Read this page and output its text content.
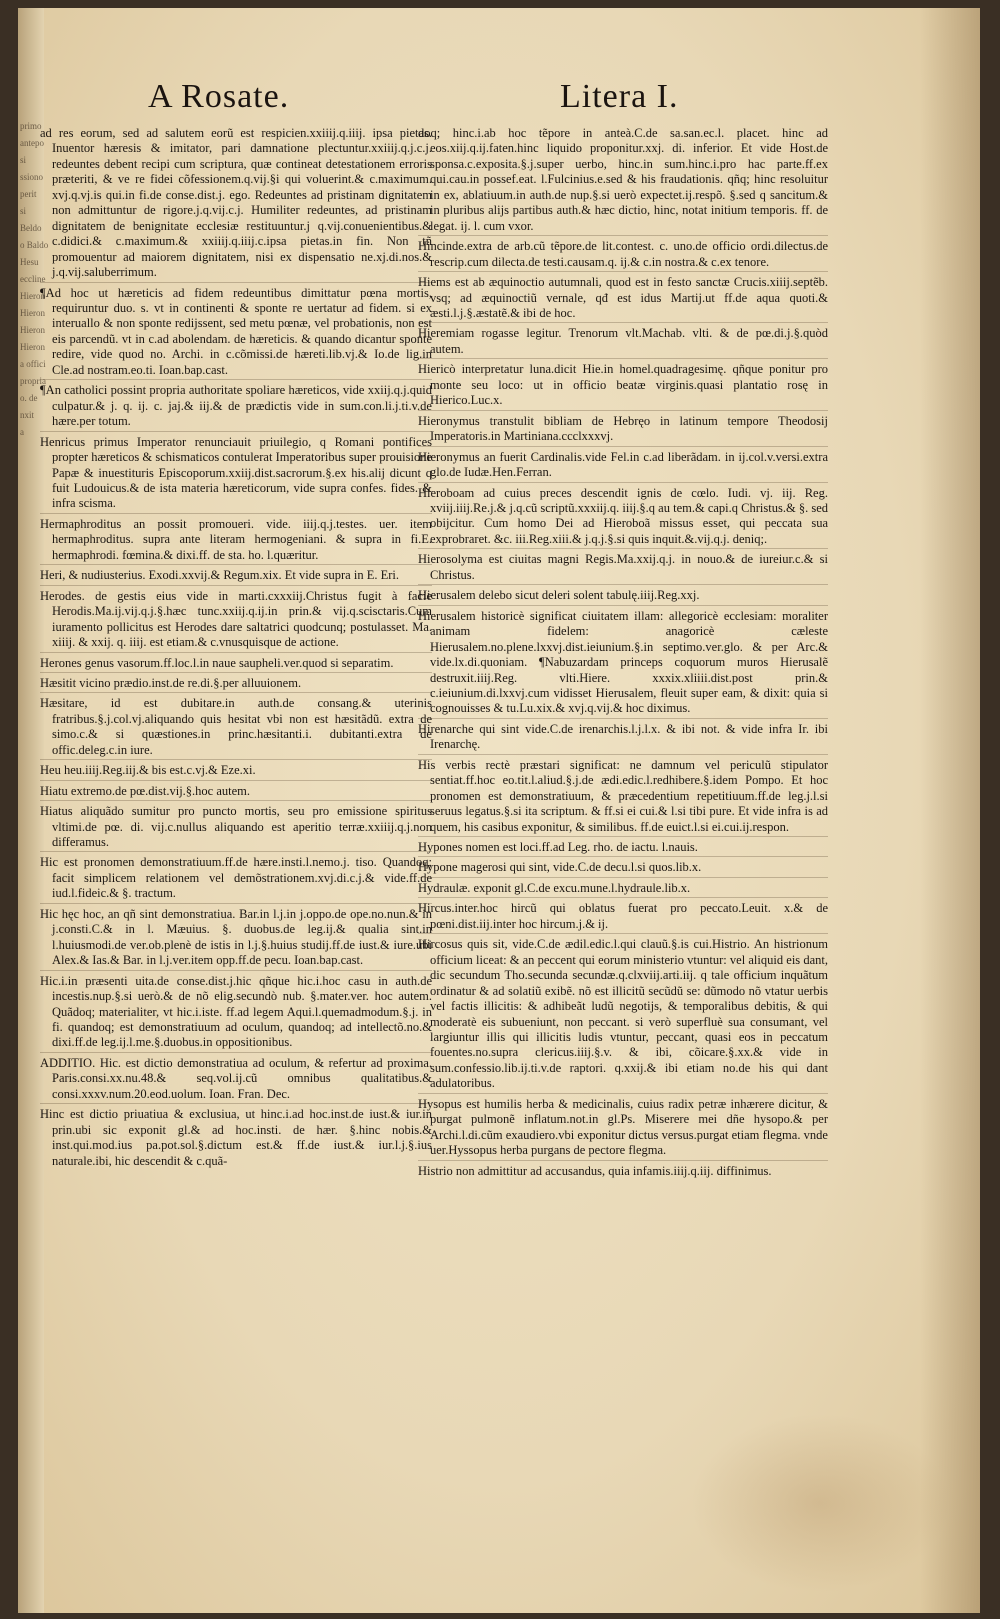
primo
antepo
si
ssiono
perit
si
Beldo
o Baldo
Hesu
eccline
Hieron
Hieron
Hieron
Hieron
a offici
propria
o. de
nxit
a
A Rosate.	Litera I.
ad res eorum, sed ad salutem eorũ est respicien.xxiiij.q.iiij. ipsa pietas. Inuentor hæresis & imitator, pari damnatione plectuntur.xxiiij.q.j.c.j. redeuntes debent recipi cum scriptura, quæ contineat detestationem erroris præteriti, & ve re fidei cõfessionem.q.vij.§i qui voluerint.& c.maximum. xvj.q.vj.is qui.in fi.de conse.dist.j. ego. Redeuntes ad pristinam dignitatem non admittuntur de rigore.j.q.vij.c.j. Humiliter redeuntes, ad pristinam dignitatem de benignitate ecclesiæ restituuntur.j q.vij.conuenientibus.& c.didici.& c.maximum.& xxiiij.q.iiij.c.ipsa pietas.in fin. Non tñ promouentur ad maiorem dignitatem, nisi ex dispensatio ne.xj.di.nos.& j.q.vij.saluberrimum.
¶Ad hoc ut hæreticis ad fidem redeuntibus dimittatur pœna mortis, requiruntur duo. s. vt in continenti & sponte re uertatur ad fidem. si ex interuallo & non sponte redijssent, sed metu pœnæ, vel probationis, non est eis parcendũ. vt in c.ad abolendam. de hæreticis. & quando dicantur sponte redire, vide quod no. Archi. in c.cõmissi.de hæreti.lib.vj.& Io.de lig.in Cle.ad nostram.eo.ti. Ioan.bap.cast.
¶An catholici possint propria authoritate spoliare hæreticos, vide xxiij.q.j.quid culpatur.& j. q. ij. c. jaj.& iij.& de prædictis vide in sum.con.li.j.ti.v.de hære.per totum.
Henricus primus Imperator renunciauit priuilegio, q Romani pontifices propter hæreticos & schismaticos contulerat Imperatoribus super prouisione Papæ & inuestituris Episcoporum.xxiij.dist.sacrorum.§.ex his.alij dicunt q fuit Ludouicus.& de ista materia hæreticorum, vide supra confes. fides. & infra scisma.
Hermaphroditus an possit promoueri. vide. iiij.q.j.testes. uer. item hermaphroditus. supra ante literam hermogeniani. & supra in fi.E. hermaphrodi. fœmina.& dixi.ff. de sta. ho. l.quæritur.
Heri, & nudiusterius. Exodi.xxvij.& Regum.xix. Et vide supra in E. Eri.
Herodes. de gestis eius vide in marti.cxxxiij.Christus fugit à facie Herodis.Ma.ij.vij.q.j.§.hæc tunc.xxiij.q.ij.in prin.& vij.q.scisctaris.Cum iuramento pollicitus est Herodes dare saltatrici quodcunq; postulasset. Ma. xiiij. & xxij. q. iiij. est etiam.& c.vnusquisque de actione.
Herones genus vasorum.ff.loc.l.in naue saupheli.ver.quod si separatim.
Hæsitit vicino prædio.inst.de re.di.§.per alluuionem.
Hæsitare, id est dubitare.in auth.de consang.& uterinis fratribus.§.j.col.vj.aliquando quis hesitat vbi non est hæsitãdũ. extra de simo.c.& si quæstiones.in princ.hæsitanti.i. dubitanti.extra de offic.deleg.c.in iure.
Heu heu.iiij.Reg.iij.& bis est.c.vj.& Eze.xi.
Hiatu extremo.de pœ.dist.vij.§.hoc autem.
Hiatus aliquãdo sumitur pro puncto mortis, seu pro emissione spiritus vltimi.de pœ. di. vij.c.nullus aliquando est aperitio terræ.xxiiij.q.j.non differamus.
Hic est pronomen demonstratiuum.ff.de hære.insti.l.nemo.j. tiso. Quandoq; facit simplicem relationem vel demõstrationem.xvj.di.c.j.& vide.ff.de iud.l.fideic.& §. tractum.
Hic hęc hoc, an qñ sint demonstratiua. Bar.in l.j.in j.oppo.de ope.no.nun.& in j.consti.C.& in l. Mæuius. §. duobus.de leg.ij.& qualia sint.in l.huiusmodi.de ver.ob.plenè de istis in l.j.§.huius studij.ff.de iust.& iure.ubi Alex.& Ias.& Bar. in l.j.ver.item opp.ff.de pecu. Ioan.bap.cast.
Hic.i.in præsenti uita.de conse.dist.j.hic qñque hic.i.hoc casu in auth.de incestis.nup.§.si uerò.& de nõ elig.secundò nub. §.mater.ver. hoc autem. Quãdoq; materialiter, vt hic.i.iste. ff.ad legem Aqui.l.quemadmodum.§.j. in fi. quandoq; est demonstratiuum ad oculum, quandoq; ad intellectõ.no.& dixi.ff.de leg.ij.l.me.§.duobus.in oppositionibus.
ADDITIO. Hic. est dictio demonstratiua ad oculum, & refertur ad proxima. Paris.consi.xx.nu.48.& seq.vol.ij.cũ omnibus qualitatibus.& consi.xxxv.num.20.eod.uolum. Ioan. Fran. Dec.
Hinc est dictio priuatiua & exclusiua, ut hinc.i.ad hoc.inst.de iust.& iur.in prin.ubi sic exponit gl.& ad hoc.insti. de hær. §.hinc nobis.& inst.qui.mod.ius pa.pot.sol.§.dictum est.& ff.de iust.& iur.l.j.§.ius naturale.ibi, hic descendit & c.quã-
doq; hinc.i.ab hoc tẽpore in anteà.C.de sa.san.ec.l. placet. hinc ad eos.xiij.q.ij.faten.hinc liquido proponitur.xxj. di. inferior. Et vide Host.de sponsa.c.exposita.§.j.super uerbo, hinc.in sum.hinc.i.pro hac parte.ff.ex qui.cau.in possef.eat. l.Fulcinius.e.sed & his fraudationis. qñq; hinc resoluitur in ex, ablatiuum.in auth.de nup.§.si uerò expectet.ij.respõ. §.sed q sancitum.& in pluribus alijs partibus auth.& hæc dictio, hinc, notat initium temporis. ff. de legat. ij. l. cum vxor.
Hincinde.extra de arb.cũ tẽpore.de lit.contest. c. uno.de officio ordi.dilectus.de rescrip.cum dilecta.de testi.causam.q. ij.& c.in nostra.& c.ex tenore.
Hiems est ab æquinoctio autumnali, quod est in festo sanctæ Crucis.xiiij.septẽb. vsq; ad æquinoctiũ vernale, qđ est idus Martij.ut ff.de aqua quoti.& æsti.l.j.§.æstatẽ.& ibi de hoc.
Hieremiam rogasse legitur. Trenorum vlt.Machab. vlti. & de pœ.di.j.§.quòd autem.
Hiericò interpretatur luna.dicit Hie.in homel.quadragesimę. qñque ponitur pro monte seu loco: ut in officio beatæ virginis.quasi plantatio rosę in Hierico.Luc.x.
Hieronymus transtulit bibliam de Hebręo in latinum tempore Theodosij Imperatoris.in Martiniana.ccclxxxvj.
Hieronymus an fuerit Cardinalis.vide Fel.in c.ad liberãdam. in ij.col.v.versi.extra glo.de Iudæ.Hen.Ferran.
Hieroboam ad cuius preces descendit ignis de cœlo. Iudi. vj. iij. Reg. xviij.iiij.Re.j.& j.q.cũ scriptũ.xxxiij.q. iiij.§.q au tem.& capi.q Christus.& §. sed obijcitur. Cum homo Dei ad Hieroboã missus esset, qui peccata sua exprobraret. &c. iii.Reg.xiii.& j.q.j.§.si quis inquit.&.vij.q.j. deniq;.
Hierosolyma est ciuitas magni Regis.Ma.xxij.q.j. in nouo.& de iureiur.c.& si Christus.
Hierusalem delebo sicut deleri solent tabulę.iiij.Reg.xxj.
Hierusalem historicè significat ciuitatem illam: allegoricè ecclesiam: moraliter animam fidelem: anagoricè cæleste Hierusalem.no.plene.lxxvj.dist.ieiunium.§.in septimo.ver.glo. & per Arc.& vide.lx.di.quoniam. ¶Nabuzardam princeps coquorum muros Hierusalẽ destruxit.iiij.Reg. vlti.Hiere. xxxix.xliiii.dist.post prin.& c.ieiunium.di.lxxvj.cum vidisset Hierusalem, fleuit super eam, & dixit: quia si cognouisses & tu.Lu.xix.& xvj.q.vij.& hoc diximus.
Hirenarche qui sint vide.C.de irenarchis.l.j.l.x. & ibi not. & vide infra Ir. ibi Irenarchę.
His verbis rectè præstari significat: ne damnum vel periculũ stipulator sentiat.ff.hoc eo.tit.l.aliud.§.j.de ædi.edic.l.redhibere.§.idem Pompo. Et hoc pronomen est demonstratiuum, & præcedentium repetitiuum.ff.de leg.j.l.si seruus legatus.§.si ita scriptum. & ff.si ei cui.& l.si tibi pure. Et vide infra is ad quem, his casibus exponitur, & similibus. ff.de euict.l.si ei.cui.ij.respon.
Hypones nomen est loci.ff.ad Leg. rho. de iactu. l.nauis.
Hypone magerosi qui sint, vide.C.de decu.l.si quos.lib.x.
Hydraulæ. exponit gl.C.de excu.mune.l.hydraule.lib.x.
Hircus.inter.hoc hircũ qui oblatus fuerat pro peccato.Leuit. x.& de pœni.dist.iij.inter hoc hircum.j.& ij.
Hircosus quis sit, vide.C.de ædil.edic.l.qui clauũ.§.is cui.Histrio. An histrionum officium liceat: & an peccent qui eorum ministerio vtuntur: vel aliquid eis dant, dic secundum Tho.secunda secundæ.q.clxviij.arti.iij. q tale officium inquãtum ordinatur & ad solatiũ exibẽ. nõ est illicitũ secũdũ se: dũmodo nõ vtatur uerbis vel factis illicitis: & adhibeãt ludũ negotijs, & temporalibus debitis, & qui moderatè eis subueniunt, non peccant. si verò superfluè sua consumant, vel largiuntur illis qui illicitis ludis vtuntur, peccant, quasi eos in peccatum fouentes.no.supra clericus.iiij.§.v. & ibi, cõicare.§.xx.& vide in sum.confessio.lib.ij.ti.v.de raptori. q.xxij.& ibi etiam no.de his qui dant adulatoribus.
Hysopus est humilis herba & medicinalis, cuius radix petræ inhærere dicitur, & purgat pulmonẽ inflatum.not.in gl.Ps. Miserere mei dñe hysopo.& per Archi.l.di.cũm exaudiero.vbi exponitur dictus versus.purgat etiam flegma. vnde uer.Hyssopus herba purgans de pectore flegma.
Histrio non admittitur ad accusandus, quia infamis.iiij.q.iij. diffinimus.
